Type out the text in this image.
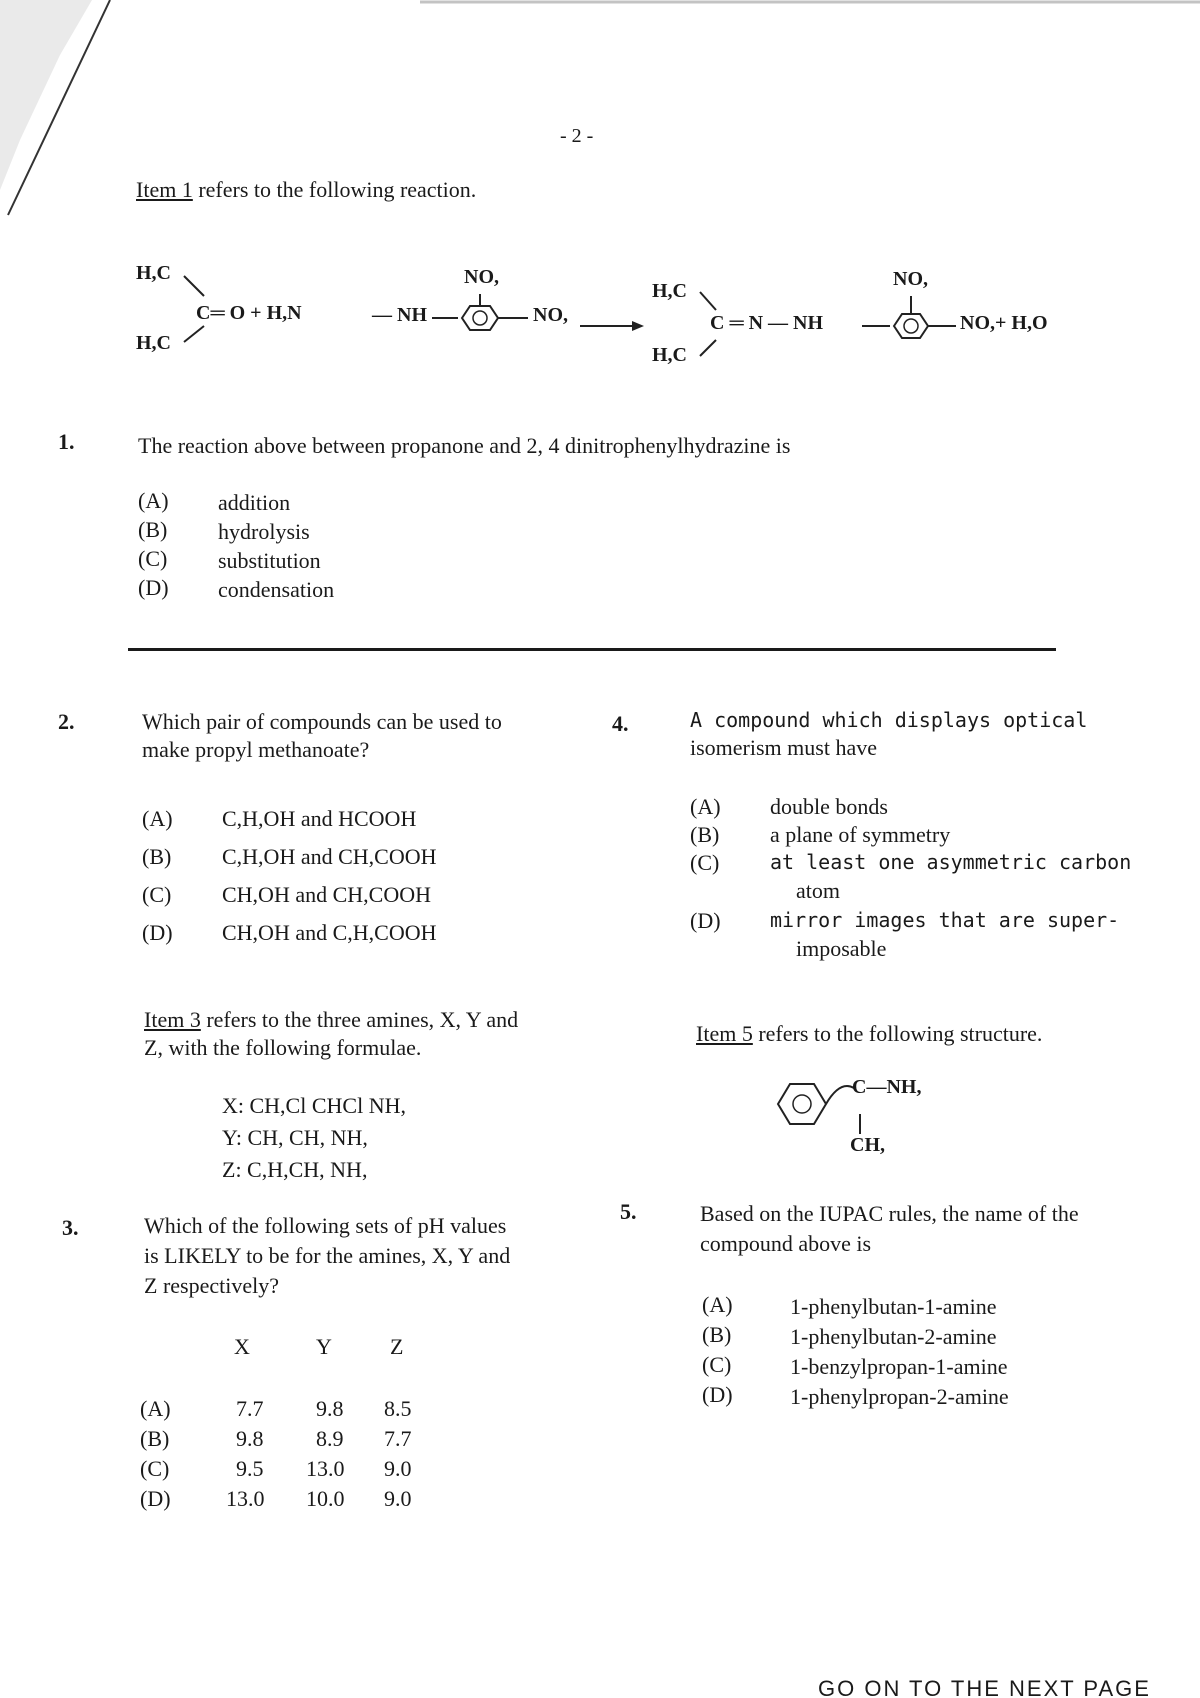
- 2 -
Item 1 refers to the following reaction.
H,C
H,C
C═ O + H,N	— NH
NO,
NO,
H,C
H,C
C ═ N — NH
NO,
NO,+ H,O
1.	The reaction above between propanone and 2, 4 dinitrophenylhydrazine is
(A) addition
(B) hydrolysis
(C) substitution
(D) condensation
2.	Which pair of compounds can be used to
make propyl methanoate?
(A) C,H,OH and HCOOH
(B) C,H,OH and CH,COOH
(C) CH,OH and CH,COOH
(D) CH,OH and C,H,COOH
4.	A compound which displays optical
isomerism must have
(A) double bonds
(B) a plane of symmetry
(C)	at least one asymmetric carbon
atom
(D) mirror images that are super-
imposable
Item 3 refers to the three amines, X, Y and
Z, with the following formulae.
X: CH,Cl CHCl NH,
Y: CH, CH, NH,
Z: C,H,CH, NH,
Item 5 refers to the following structure.
C—NH,
CH,
3.	Which of the following sets of pH values
is LIKELY to be for the amines, X, Y and
Z respectively?
X	Y	Z
(A)	7.7 9.8 8.5
(B)	9.8 8.9 7.7
(C)	9.5 13.0 9.0
(D)	13.0 10.0 9.0
5.	Based on the IUPAC rules, the name of the
compound above is
(A)	1-phenylbutan-1-amine
(B)	1-phenylbutan-2-amine
(C)	1-benzylpropan-1-amine
(D)	1-phenylpropan-2-amine
GO ON TO THE NEXT PAGE
